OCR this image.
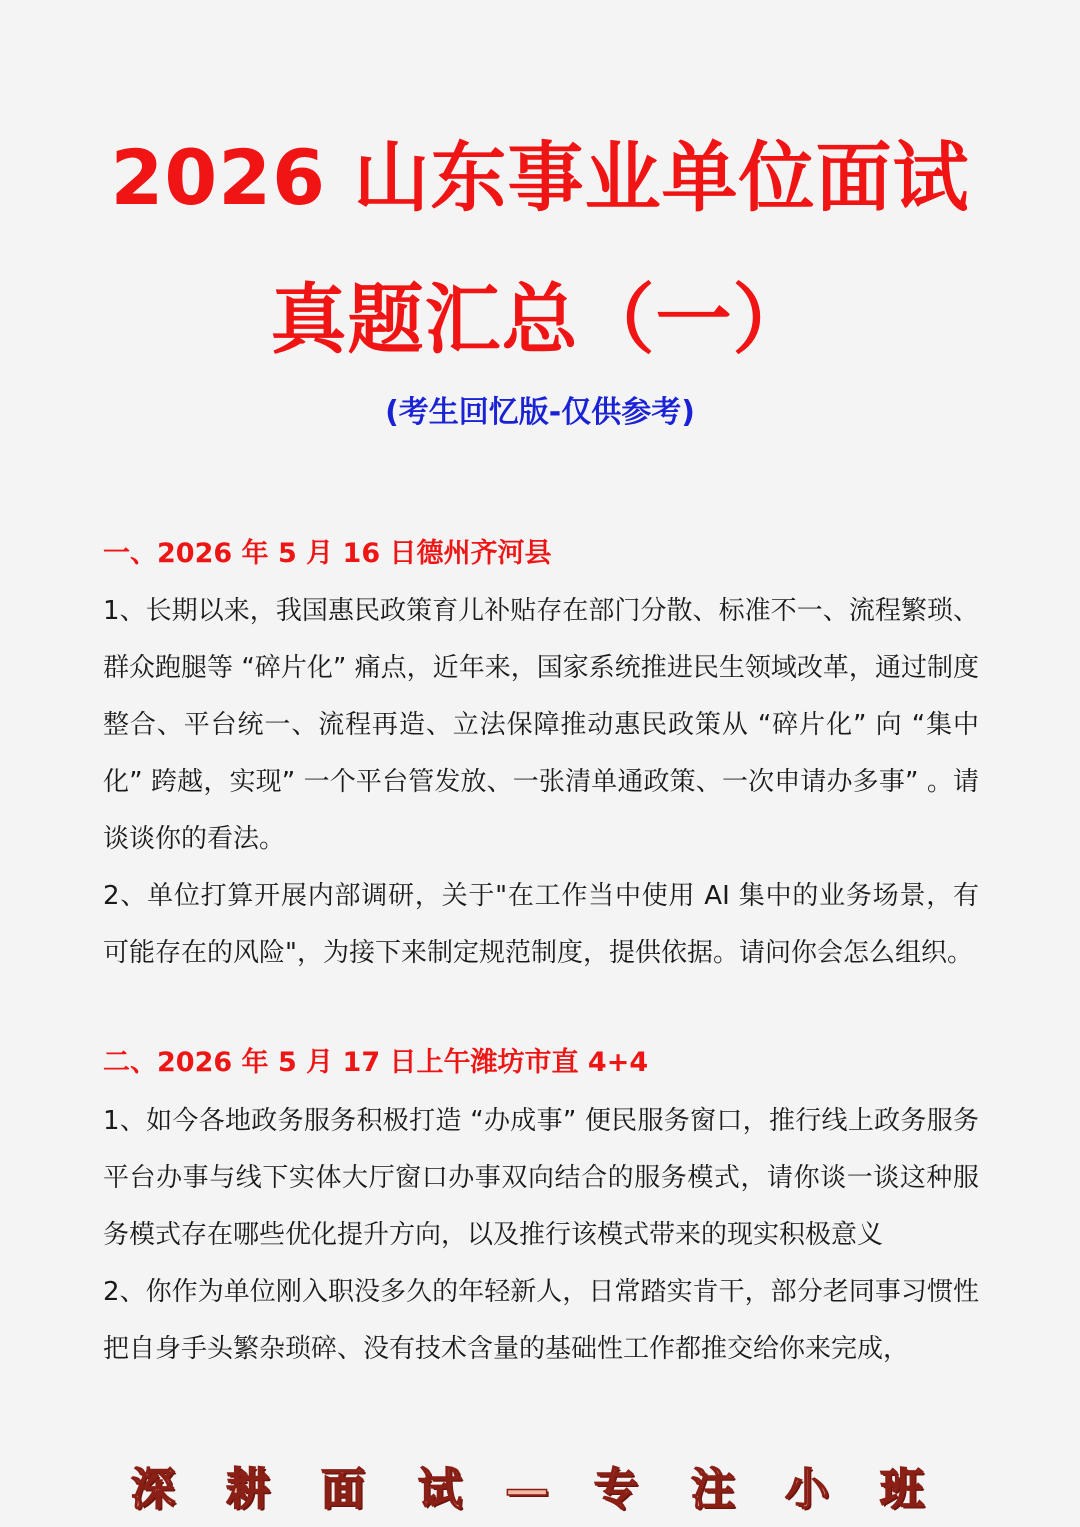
2026 山东事业单位面试
真题汇总（一）
(考生回忆版-仅供参考)
一、2026 年 5 月 16 日德州齐河县
1、长期以来，我国惠民政策育儿补贴存在部门分散、标准不一、流程繁琐、群众跑腿等 “碎片化” 痛点，近年来，国家系统推进民生领域改革，通过制度整合、平台统一、流程再造、立法保障推动惠民政策从 “碎片化” 向 “集中化” 跨越，实现” 一个平台管发放、一张清单通政策、一次申请办多事” 。请谈谈你的看法。
2、单位打算开展内部调研，关于"在工作当中使用 AI 集中的业务场景，有可能存在的风险"，为接下来制定规范制度，提供依据。请问你会怎么组织。
二、2026 年 5 月 17 日上午潍坊市直 4+4
1、如今各地政务服务积极打造 “办成事” 便民服务窗口，推行线上政务服务平台办事与线下实体大厅窗口办事双向结合的服务模式，请你谈一谈这种服务模式存在哪些优化提升方向，以及推行该模式带来的现实积极意义
2、你作为单位刚入职没多久的年轻新人，日常踏实肯干，部分老同事习惯性把自身手头繁杂琐碎、没有技术含量的基础性工作都推交给你来完成，
深 耕 面 试 — 专 注 小 班
